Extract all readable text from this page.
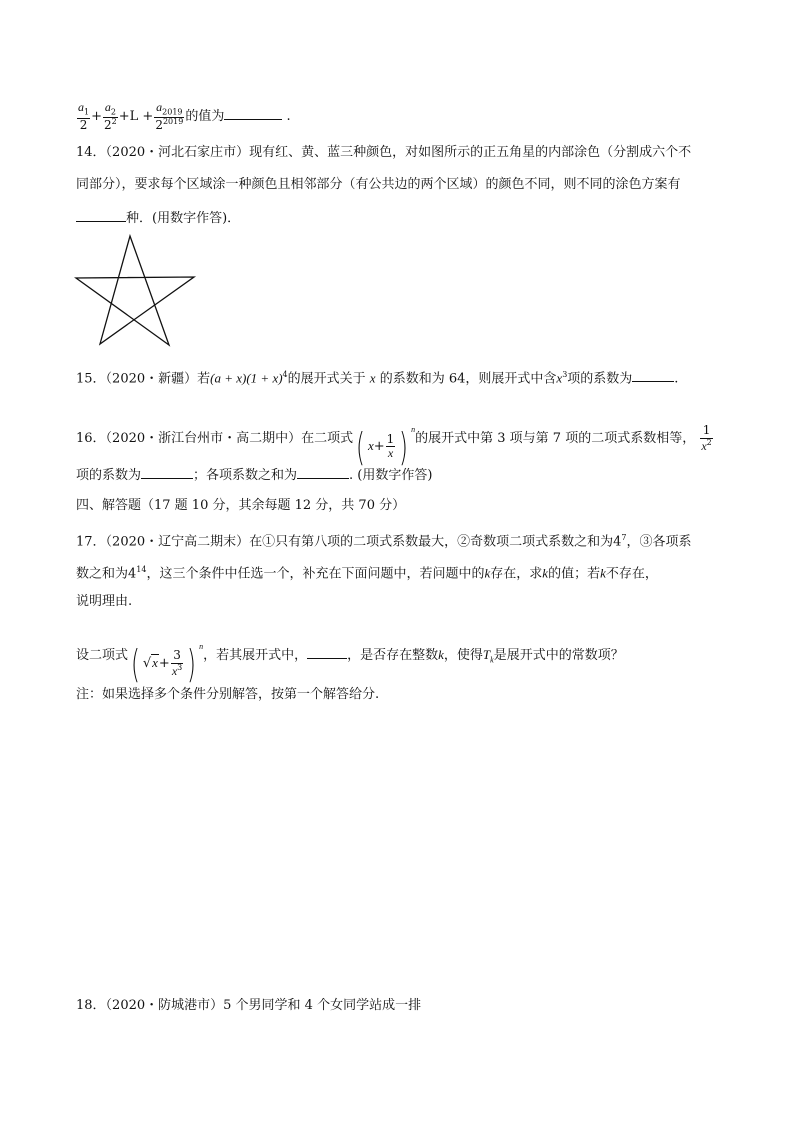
$\frac{a_1}{2} + \frac{a_2}{2^2} +L + \frac{a_{2019}}{2^{2019}}$ 的值为	.
14．（2020・河北石家庄市）现有红、黄、蓝三种颜色，对如图所示的正五角星的内部涂色（分割成六个不
同部分），要求每个区域涂一种颜色且相邻部分（有公共边的两个区域）的颜色不同，则不同的涂色方案有
种．(用数字作答)．
15．（2020・新疆）若$(a + x)(1 + x)^4$的展开式关于 x 的系数和为 64，则展开式中含$x^3$项的系数为	.
16．（2020・浙江台州市・高二期中）在二项式( $x+ \frac{1}{x}$ ) $^n$的展开式中第 3 项与第 7 项的二项式系数相等， $\frac{1}{x^2}$
项的系数为	；各项系数之和为	. (用数字作答)
四、解答题（17 题 10 分，其余每题 12 分，共 70 分）
17．（2020・辽宁高二期末）在①只有第八项的二项式系数最大，②奇数项二项式系数之和为$4^7$，③各项系
数之和为$4^{14}$，这三个条件中任选一个，补充在下面问题中，若问题中的k存在，求k的值；若k不存在，
说明理由.
设二项式( $√x+ \frac{3}{x^3}$ ) $^n$，若其展开式中，	，是否存在整数k，使得$T_k$是展开式中的常数项？
注：如果选择多个条件分别解答，按第一个解答给分.
18．（2020・防城港市）5 个男同学和 4 个女同学站成一排
